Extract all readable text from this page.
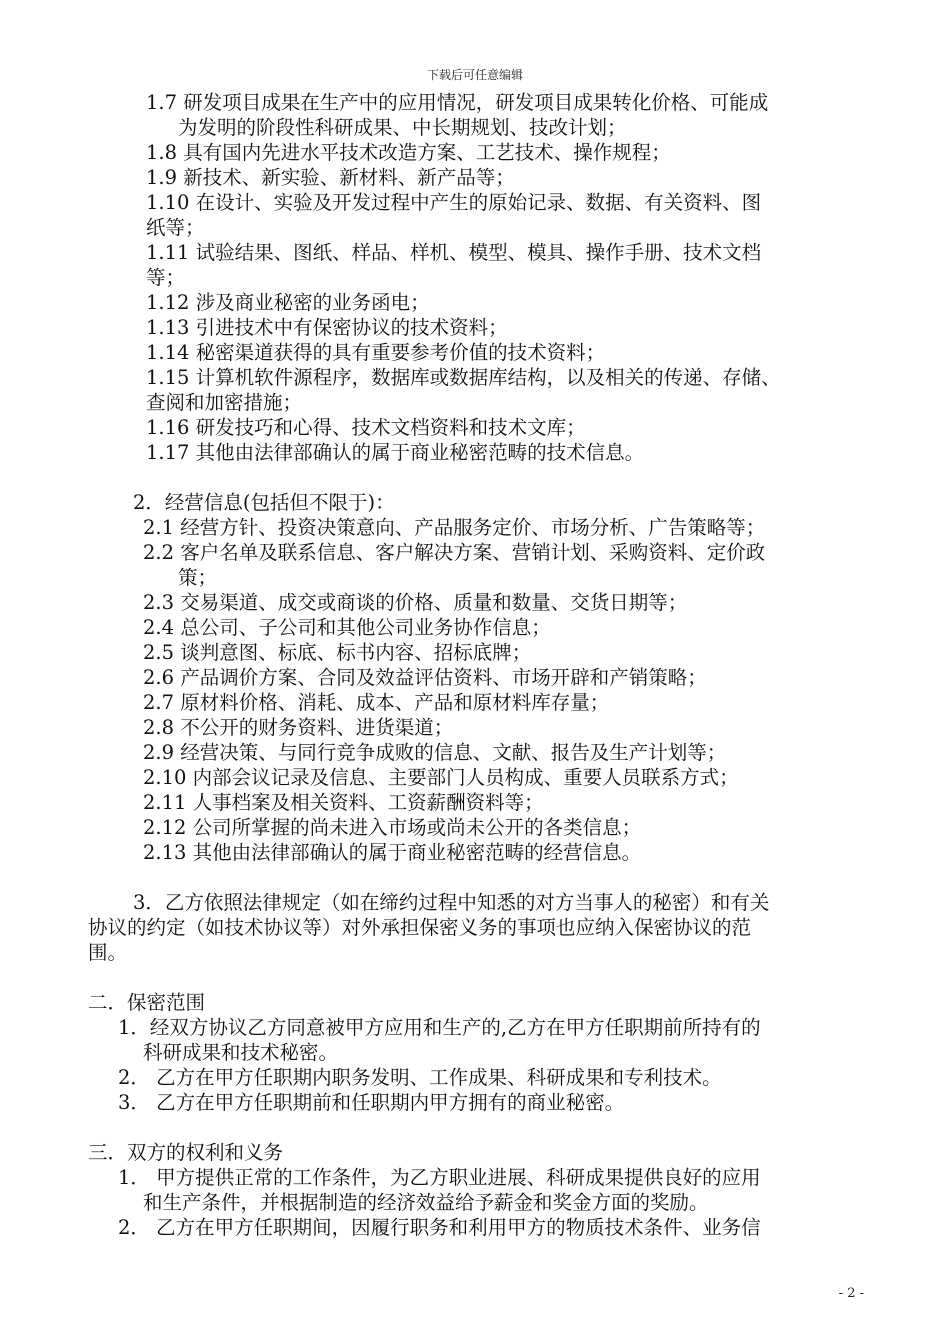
下载后可任意编辑
1.7 研发项目成果在生产中的应用情况，研发项目成果转化价格、可能成
为发明的阶段性科研成果、中长期规划、技改计划；
1.8 具有国内先进水平技术改造方案、工艺技术、操作规程；
1.9 新技术、新实验、新材料、新产品等；
1.10 在设计、实验及开发过程中产生的原始记录、数据、有关资料、图
纸等；
1.11 试验结果、图纸、样品、样机、模型、模具、操作手册、技术文档
等；
1.12 涉及商业秘密的业务函电；
1.13 引进技术中有保密协议的技术资料；
1.14 秘密渠道获得的具有重要参考价值的技术资料；
1.15 计算机软件源程序，数据库或数据库结构，以及相关的传递、存储、
查阅和加密措施；
1.16 研发技巧和心得、技术文档资料和技术文库；
1.17 其他由法律部确认的属于商业秘密范畴的技术信息。
2．经营信息(包括但不限于)：
2.1 经营方针、投资决策意向、产品服务定价、市场分析、广告策略等；
2.2 客户名单及联系信息、客户解决方案、营销计划、采购资料、定价政
策；
2.3 交易渠道、成交或商谈的价格、质量和数量、交货日期等；
2.4 总公司、子公司和其他公司业务协作信息；
2.5 谈判意图、标底、标书内容、招标底牌；
2.6 产品调价方案、合同及效益评估资料、市场开辟和产销策略；
2.7 原材料价格、消耗、成本、产品和原材料库存量；
2.8 不公开的财务资料、进货渠道；
2.9 经营决策、与同行竞争成败的信息、文献、报告及生产计划等；
2.10 内部会议记录及信息、主要部门人员构成、重要人员联系方式；
2.11 人事档案及相关资料、工资薪酬资料等；
2.12 公司所掌握的尚未进入市场或尚未公开的各类信息；
2.13 其他由法律部确认的属于商业秘密范畴的经营信息。
3．乙方依照法律规定（如在缔约过程中知悉的对方当事人的秘密）和有关
协议的约定（如技术协议等）对外承担保密义务的事项也应纳入保密协议的范
围。
二．保密范围
1．经双方协议乙方同意被甲方应用和生产的,乙方在甲方任职期前所持有的
科研成果和技术秘密。
2． 乙方在甲方任职期内职务发明、工作成果、科研成果和专利技术。
3． 乙方在甲方任职期前和任职期内甲方拥有的商业秘密。
三．双方的权利和义务
1． 甲方提供正常的工作条件，为乙方职业进展、科研成果提供良好的应用
和生产条件，并根据制造的经济效益给予薪金和奖金方面的奖励。
2． 乙方在甲方任职期间，因履行职务和利用甲方的物质技术条件、业务信
- 2 -
